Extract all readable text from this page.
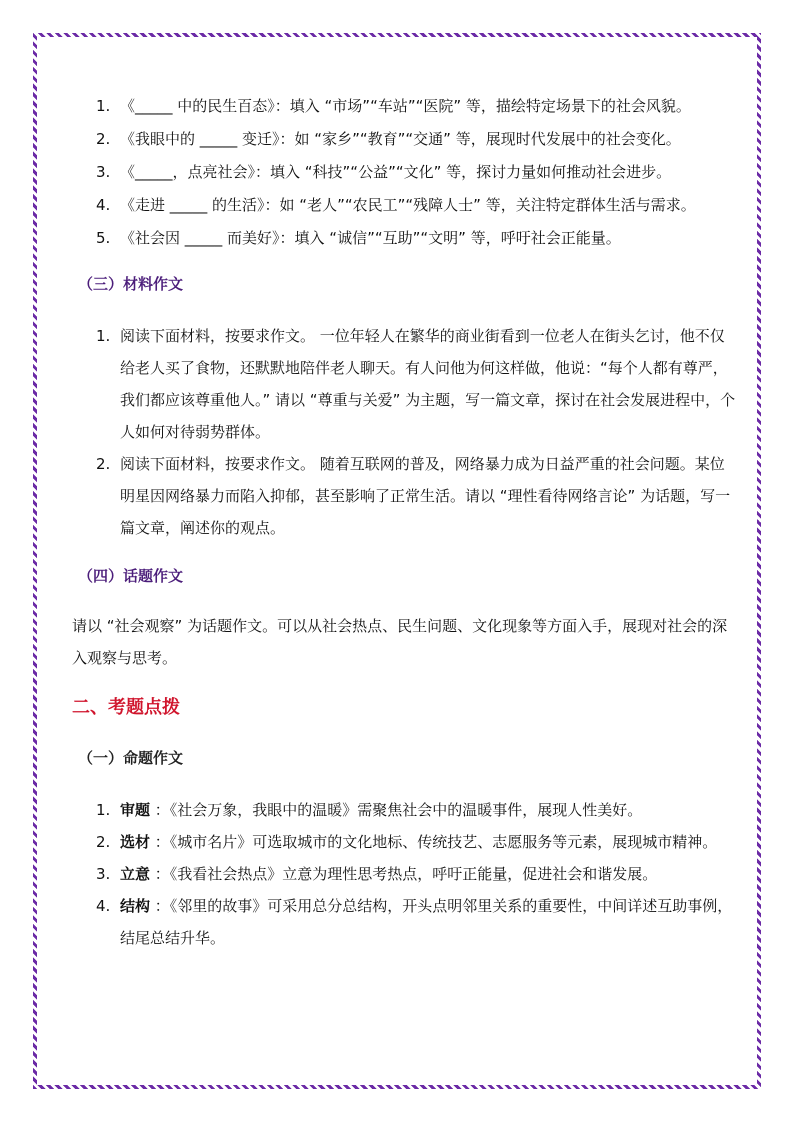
1. 《_____ 中的民生百态》：填入 “市场”“车站”“医院” 等，描绘特定场景下的社会风貌。
2. 《我眼中的 _____ 变迁》：如 “家乡”“教育”“交通” 等，展现时代发展中的社会变化。
3. 《_____，点亮社会》：填入 “科技”“公益”“文化” 等，探讨力量如何推动社会进步。
4. 《走进 _____ 的生活》：如 “老人”“农民工”“残障人士” 等，关注特定群体生活与需求。
5. 《社会因 _____ 而美好》：填入 “诚信”“互助”“文明” 等，呼吁社会正能量。
（三）材料作文
1. 阅读下面材料，按要求作文。 一位年轻人在繁华的商业街看到一位老人在街头乞讨，他不仅给老人买了食物，还默默地陪伴老人聊天。有人问他为何这样做，他说：“每个人都有尊严，我们都应该尊重他人。” 请以 “尊重与关爱” 为主题，写一篇文章，探讨在社会发展进程中，个人如何对待弱势群体。
2. 阅读下面材料，按要求作文。 随着互联网的普及，网络暴力成为日益严重的社会问题。某位明星因网络暴力而陷入抑郁，甚至影响了正常生活。请以 “理性看待网络言论” 为话题，写一篇文章，阐述你的观点。
（四）话题作文

请以 “社会观察” 为话题作文。可以从社会热点、民生问题、文化现象等方面入手，展现对社会的深入观察与思考。

二、考题点拨
（一）命题作文
1. 审题 ：《社会万象，我眼中的温暖》需聚焦社会中的温暖事件，展现人性美好。
2. 选材 ：《城市名片》可选取城市的文化地标、传统技艺、志愿服务等元素，展现城市精神。
3. 立意 ：《我看社会热点》立意为理性思考热点，呼吁正能量，促进社会和谐发展。
4. 结构 ：《邻里的故事》可采用总分总结构，开头点明邻里关系的重要性，中间详述互助事例，结尾总结升华。
